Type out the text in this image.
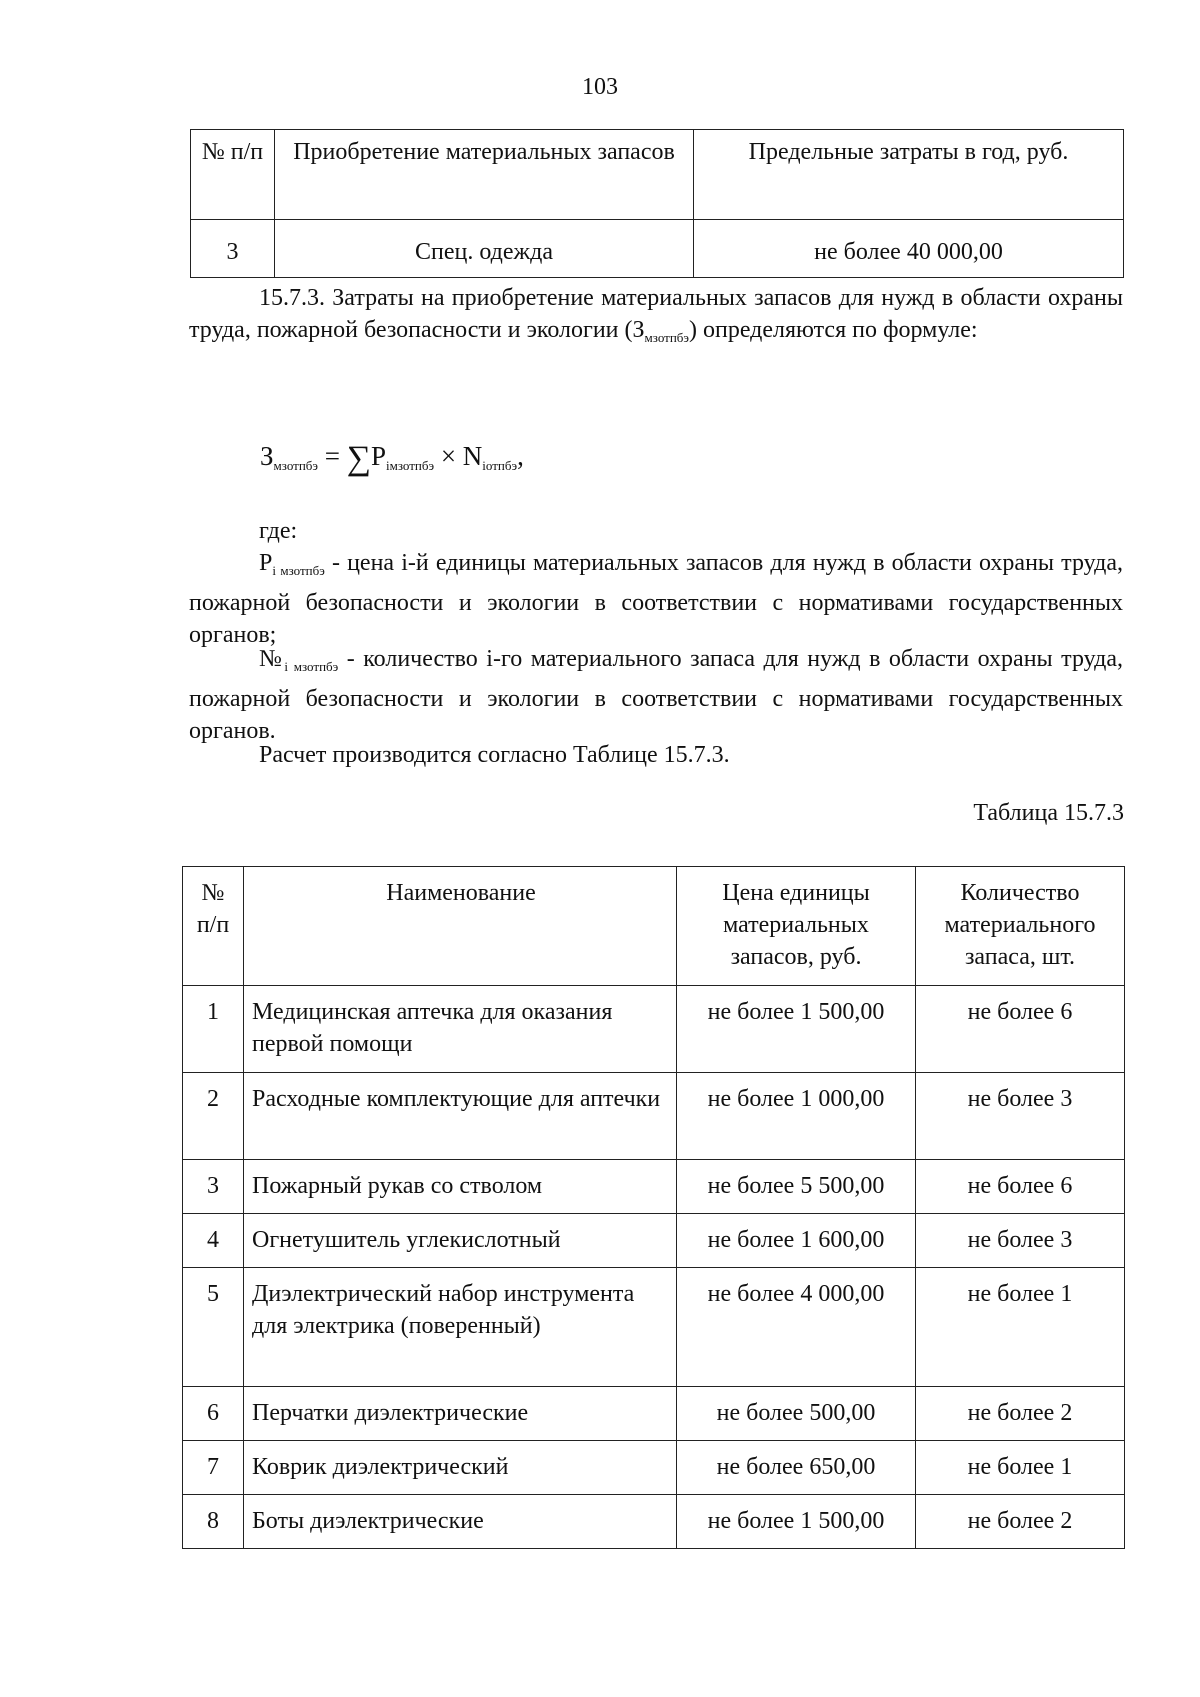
103
№ п/п	Приобретение материальных запасов	Предельные затраты в год, руб.
3	Спец. одежда	не более 40 000,00
15.7.3. Затраты на приобретение материальных запасов для нужд в области охраны труда, пожарной безопасности и экологии $(З_{мзотпбэ})$ определяются по формуле:
$З_{мзотпбэ} = \sum P_{iмзотпбэ} \times N_{iотпбэ}$,
где:
$P_{i мзотпбэ}$ - цена i-й единицы материальных запасов для нужд в области охраны труда, пожарной безопасности и экологии в соответствии с нормативами государственных органов;
$№_{i мзотпбэ}$ - количество i-го материального запаса для нужд в области охраны труда, пожарной безопасности и экологии в соответствии с нормативами государственных органов.
Расчет производится согласно Таблице 15.7.3.
Таблица 15.7.3
№ п/п	Наименование	Цена единицы материальных запасов, руб.	Количество материального запаса, шт.
1	Медицинская аптечка для оказания первой помощи	не более 1 500,00	не более 6
2	Расходные комплектующие для аптечки	не более 1 000,00	не более 3
3	Пожарный рукав со стволом	не более 5 500,00	не более 6
4	Огнетушитель углекислотный	не более 1 600,00	не более 3
5	Диэлектрический набор инструмента для электрика (поверенный)	не более 4 000,00	не более 1
6	Перчатки диэлектрические	не более 500,00	не более 2
7	Коврик диэлектрический	не более 650,00	не более 1
8	Боты диэлектрические	не более 1 500,00	не более 2
